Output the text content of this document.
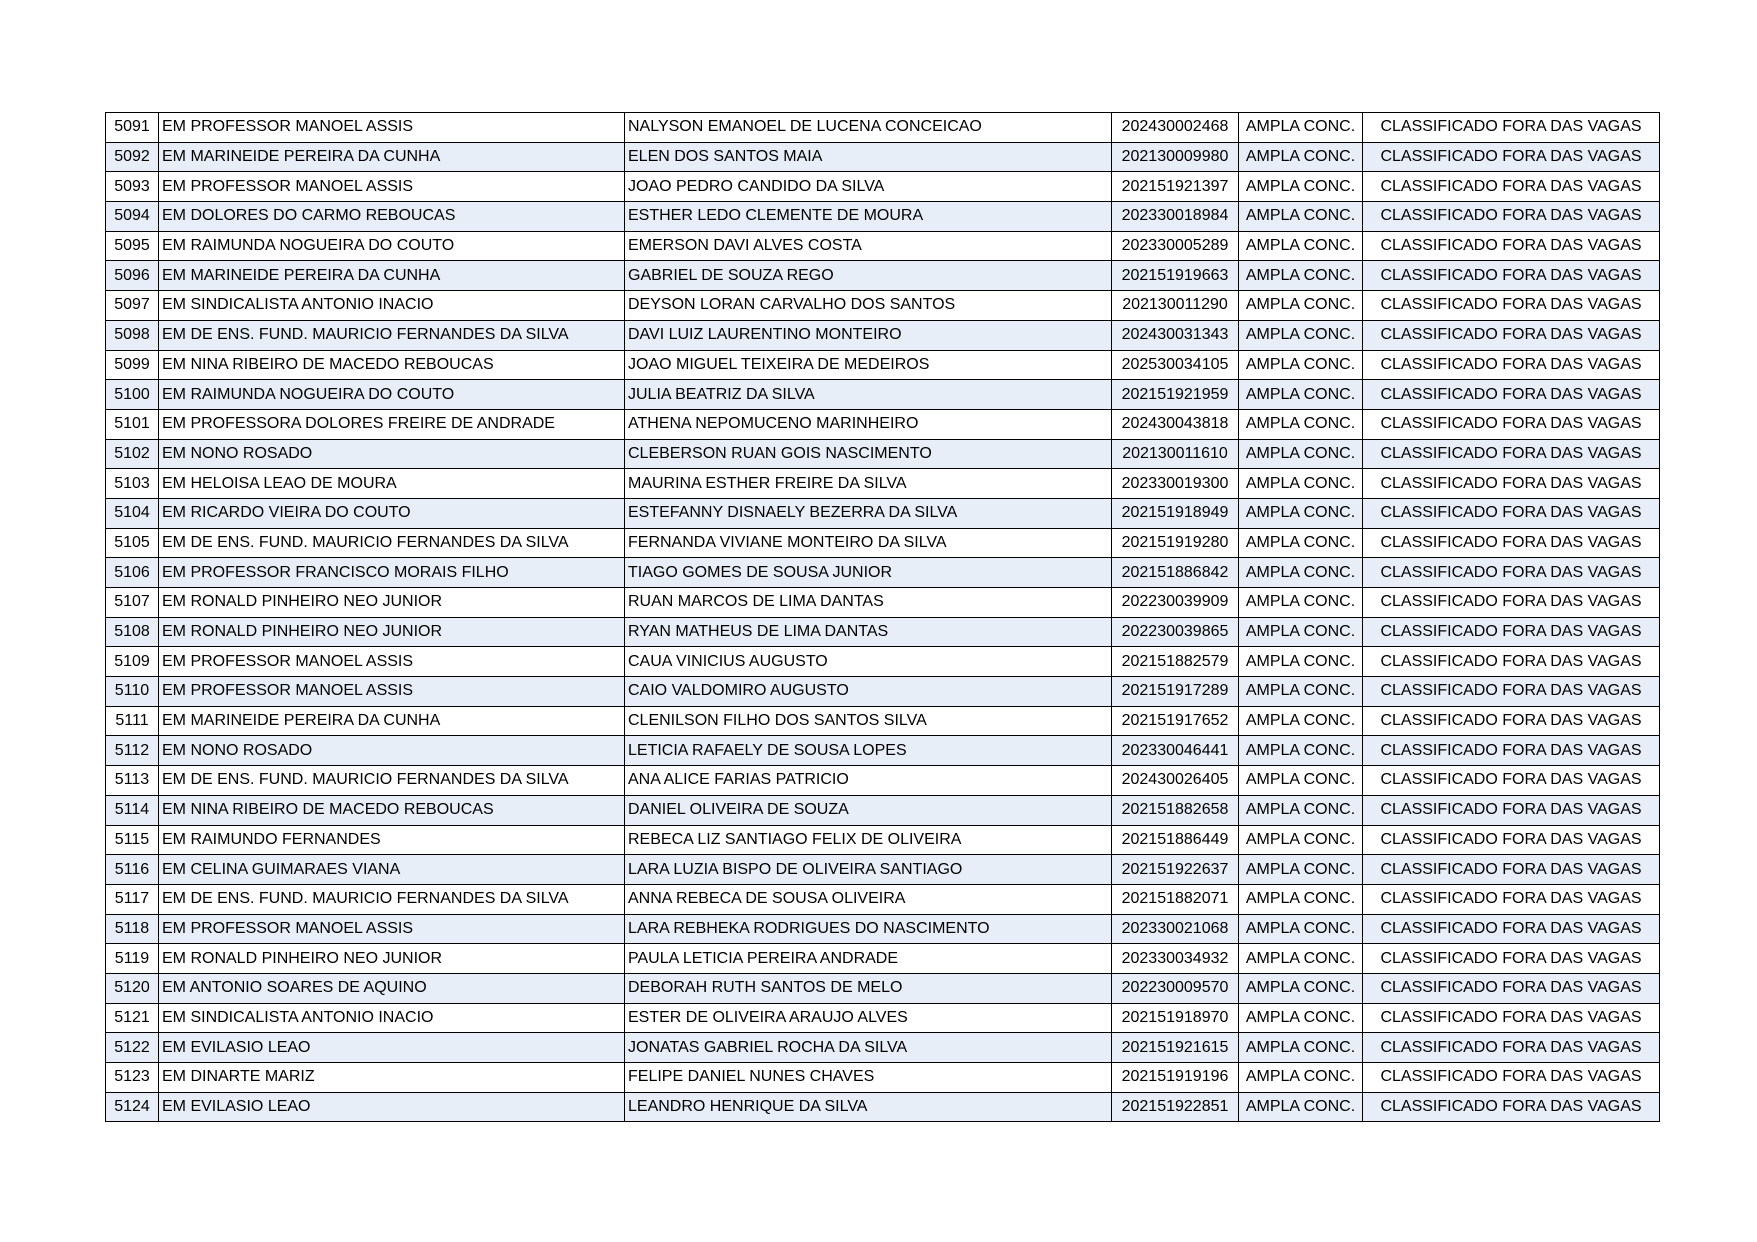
5091	EM PROFESSOR MANOEL ASSIS	NALYSON EMANOEL DE LUCENA CONCEICAO	202430002468	AMPLA CONC.	CLASSIFICADO FORA DAS VAGAS
5092	EM MARINEIDE PEREIRA DA CUNHA	ELEN DOS SANTOS MAIA	202130009980	AMPLA CONC.	CLASSIFICADO FORA DAS VAGAS
5093	EM PROFESSOR MANOEL ASSIS	JOAO PEDRO CANDIDO DA SILVA	202151921397	AMPLA CONC.	CLASSIFICADO FORA DAS VAGAS
5094	EM DOLORES DO CARMO REBOUCAS	ESTHER LEDO CLEMENTE DE MOURA	202330018984	AMPLA CONC.	CLASSIFICADO FORA DAS VAGAS
5095	EM RAIMUNDA NOGUEIRA DO COUTO	EMERSON DAVI ALVES COSTA	202330005289	AMPLA CONC.	CLASSIFICADO FORA DAS VAGAS
5096	EM MARINEIDE PEREIRA DA CUNHA	GABRIEL DE SOUZA REGO	202151919663	AMPLA CONC.	CLASSIFICADO FORA DAS VAGAS
5097	EM SINDICALISTA ANTONIO INACIO	DEYSON LORAN CARVALHO DOS SANTOS	202130011290	AMPLA CONC.	CLASSIFICADO FORA DAS VAGAS
5098	EM DE ENS. FUND. MAURICIO FERNANDES DA SILVA	DAVI LUIZ LAURENTINO MONTEIRO	202430031343	AMPLA CONC.	CLASSIFICADO FORA DAS VAGAS
5099	EM NINA RIBEIRO DE MACEDO REBOUCAS	JOAO MIGUEL TEIXEIRA DE MEDEIROS	202530034105	AMPLA CONC.	CLASSIFICADO FORA DAS VAGAS
5100	EM RAIMUNDA NOGUEIRA DO COUTO	JULIA BEATRIZ DA SILVA	202151921959	AMPLA CONC.	CLASSIFICADO FORA DAS VAGAS
5101	EM PROFESSORA DOLORES FREIRE DE ANDRADE	ATHENA NEPOMUCENO MARINHEIRO	202430043818	AMPLA CONC.	CLASSIFICADO FORA DAS VAGAS
5102	EM NONO ROSADO	CLEBERSON RUAN GOIS NASCIMENTO	202130011610	AMPLA CONC.	CLASSIFICADO FORA DAS VAGAS
5103	EM HELOISA LEAO DE MOURA	MAURINA ESTHER FREIRE DA SILVA	202330019300	AMPLA CONC.	CLASSIFICADO FORA DAS VAGAS
5104	EM RICARDO VIEIRA DO COUTO	ESTEFANNY DISNAELY BEZERRA DA SILVA	202151918949	AMPLA CONC.	CLASSIFICADO FORA DAS VAGAS
5105	EM DE ENS. FUND. MAURICIO FERNANDES DA SILVA	FERNANDA VIVIANE MONTEIRO DA SILVA	202151919280	AMPLA CONC.	CLASSIFICADO FORA DAS VAGAS
5106	EM PROFESSOR FRANCISCO MORAIS FILHO	TIAGO GOMES DE SOUSA JUNIOR	202151886842	AMPLA CONC.	CLASSIFICADO FORA DAS VAGAS
5107	EM RONALD PINHEIRO NEO JUNIOR	RUAN MARCOS DE LIMA DANTAS	202230039909	AMPLA CONC.	CLASSIFICADO FORA DAS VAGAS
5108	EM RONALD PINHEIRO NEO JUNIOR	RYAN MATHEUS DE LIMA DANTAS	202230039865	AMPLA CONC.	CLASSIFICADO FORA DAS VAGAS
5109	EM PROFESSOR MANOEL ASSIS	CAUA VINICIUS AUGUSTO	202151882579	AMPLA CONC.	CLASSIFICADO FORA DAS VAGAS
5110	EM PROFESSOR MANOEL ASSIS	CAIO VALDOMIRO AUGUSTO	202151917289	AMPLA CONC.	CLASSIFICADO FORA DAS VAGAS
5111	EM MARINEIDE PEREIRA DA CUNHA	CLENILSON FILHO DOS SANTOS SILVA	202151917652	AMPLA CONC.	CLASSIFICADO FORA DAS VAGAS
5112	EM NONO ROSADO	LETICIA RAFAELY DE SOUSA LOPES	202330046441	AMPLA CONC.	CLASSIFICADO FORA DAS VAGAS
5113	EM DE ENS. FUND. MAURICIO FERNANDES DA SILVA	ANA ALICE FARIAS PATRICIO	202430026405	AMPLA CONC.	CLASSIFICADO FORA DAS VAGAS
5114	EM NINA RIBEIRO DE MACEDO REBOUCAS	DANIEL OLIVEIRA DE SOUZA	202151882658	AMPLA CONC.	CLASSIFICADO FORA DAS VAGAS
5115	EM RAIMUNDO FERNANDES	REBECA LIZ SANTIAGO FELIX DE OLIVEIRA	202151886449	AMPLA CONC.	CLASSIFICADO FORA DAS VAGAS
5116	EM CELINA GUIMARAES VIANA	LARA LUZIA BISPO DE OLIVEIRA SANTIAGO	202151922637	AMPLA CONC.	CLASSIFICADO FORA DAS VAGAS
5117	EM DE ENS. FUND. MAURICIO FERNANDES DA SILVA	ANNA REBECA DE SOUSA OLIVEIRA	202151882071	AMPLA CONC.	CLASSIFICADO FORA DAS VAGAS
5118	EM PROFESSOR MANOEL ASSIS	LARA REBHEKA RODRIGUES DO NASCIMENTO	202330021068	AMPLA CONC.	CLASSIFICADO FORA DAS VAGAS
5119	EM RONALD PINHEIRO NEO JUNIOR	PAULA LETICIA PEREIRA ANDRADE	202330034932	AMPLA CONC.	CLASSIFICADO FORA DAS VAGAS
5120	EM ANTONIO SOARES DE AQUINO	DEBORAH RUTH SANTOS DE MELO	202230009570	AMPLA CONC.	CLASSIFICADO FORA DAS VAGAS
5121	EM SINDICALISTA ANTONIO INACIO	ESTER DE OLIVEIRA ARAUJO ALVES	202151918970	AMPLA CONC.	CLASSIFICADO FORA DAS VAGAS
5122	EM EVILASIO LEAO	JONATAS GABRIEL ROCHA DA SILVA	202151921615	AMPLA CONC.	CLASSIFICADO FORA DAS VAGAS
5123	EM DINARTE MARIZ	FELIPE DANIEL NUNES CHAVES	202151919196	AMPLA CONC.	CLASSIFICADO FORA DAS VAGAS
5124	EM EVILASIO LEAO	LEANDRO HENRIQUE DA SILVA	202151922851	AMPLA CONC.	CLASSIFICADO FORA DAS VAGAS
